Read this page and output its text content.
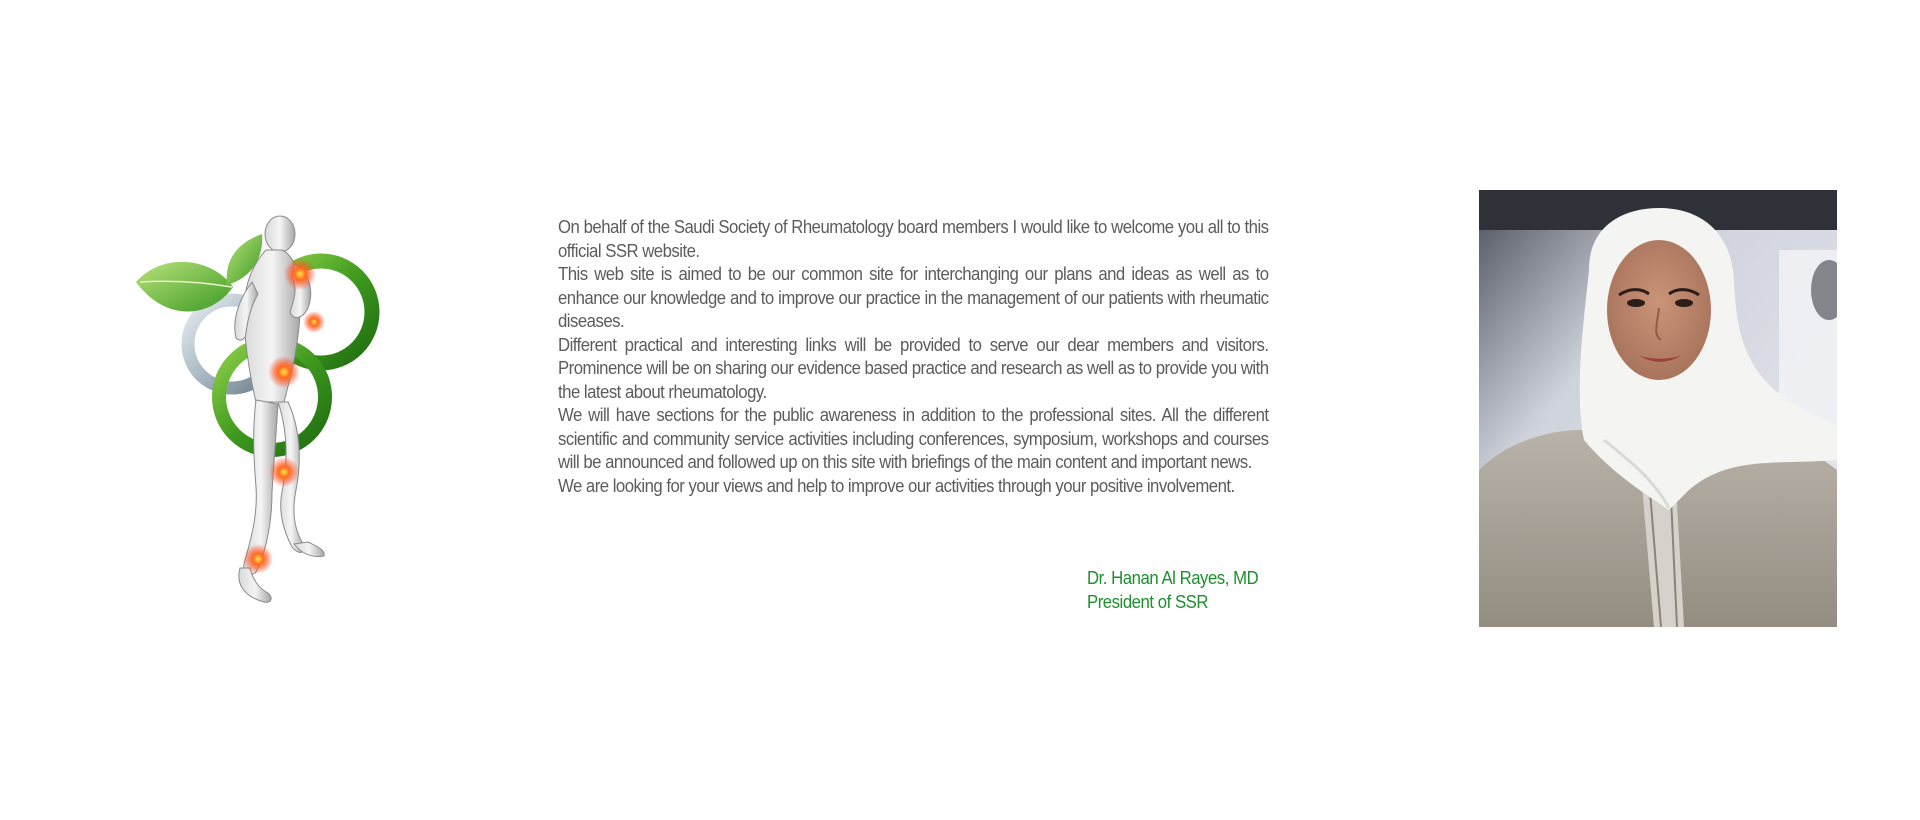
On behalf of the Saudi Society of Rheumatology board members I would like to welcome you all to this official SSR website.

This web site is aimed to be our common site for interchanging our plans and ideas as well as to enhance our knowledge and to improve our practice in the management of our patients with rheumatic diseases.

Different practical and interesting links will be provided to serve our dear members and visitors. Prominence will be on sharing our evidence based practice and research as well as to provide you with the latest about rheumatology.

We will have sections for the public awareness in addition to the professional sites. All the different scientific and community service activities including conferences, symposium, workshops and courses will be announced and followed up on this site with briefings of the main content and important news.

We are looking for your views and help to improve our activities through your positive involvement.

Dr. Hanan Al Rayes, MD
President of SSR
